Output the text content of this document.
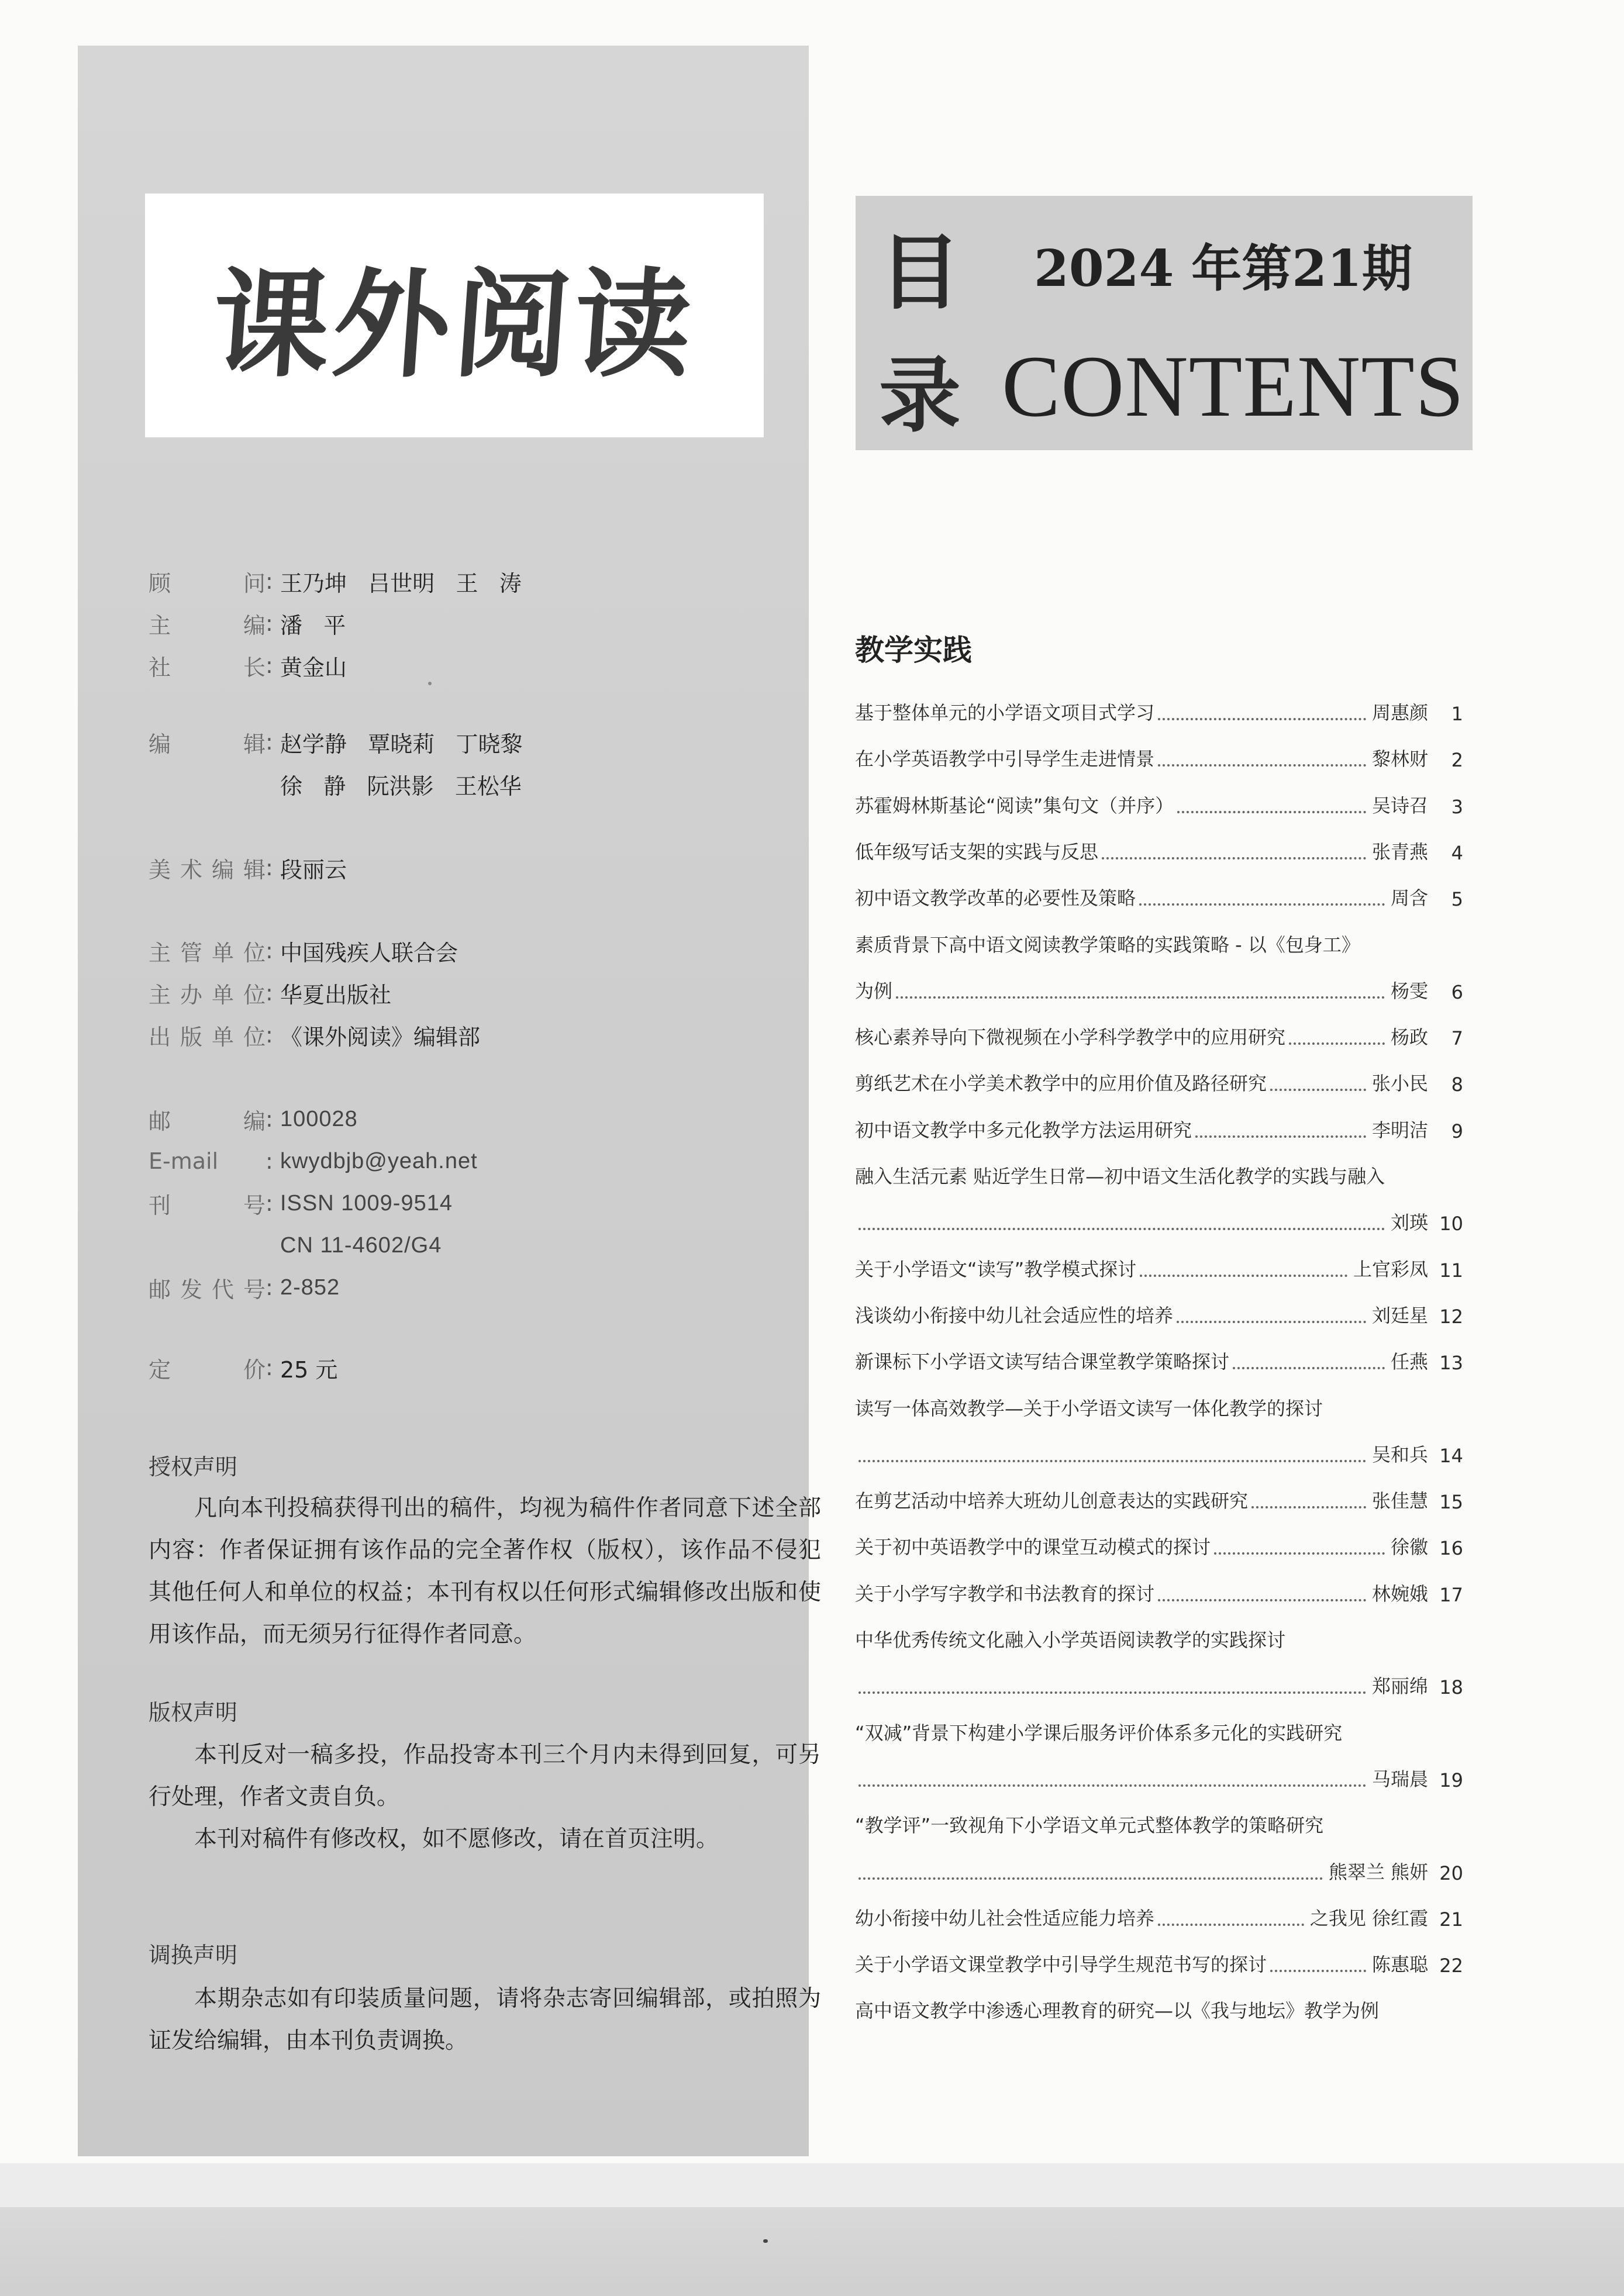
课外阅读
顾问 : 王乃坤   吕世明   王   涛
主编 : 潘   平
社长 : 黄金山
编辑 : 赵学静   覃晓莉   丁晓黎
徐   静   阮洪影   王松华
美术编辑 : 段丽云
主管单位 : 中国残疾人联合会
主办单位 : 华夏出版社
出版单位 : 《课外阅读》编辑部
邮编 : 100028
E-mail	: kwydbjb@yeah.net
刊号 : ISSN 1009-9514
CN 11-4602/G4
邮发代号 : 2-852
定价 : 25 元
授权声明
凡向本刊投稿获得刊出的稿件，均视为稿件作者同意下述全部内容：作者保证拥有该作品的完全著作权（版权），该作品不侵犯其他任何人和单位的权益；本刊有权以任何形式编辑修改出版和使用该作品，而无须另行征得作者同意。
版权声明
本刊反对一稿多投，作品投寄本刊三个月内未得到回复，可另行处理，作者文责自负。
本刊对稿件有修改权，如不愿修改，请在首页注明。
调换声明
本期杂志如有印装质量问题，请将杂志寄回编辑部，或拍照为证发给编辑，由本刊负责调换。
目
录
2024 年第21期
CONTENTS
教学实践
基于整体单元的小学语文项目式学习	周惠颜	1
在小学英语教学中引导学生走进情景	黎林财	2
苏霍姆林斯基论“阅读”集句文（并序）	吴诗召	3
低年级写话支架的实践与反思	张青燕	4
初中语文教学改革的必要性及策略	周含	5
素质背景下高中语文阅读教学策略的实践策略 - 以《包身工》
为例	杨雯	6
核心素养导向下微视频在小学科学教学中的应用研究	杨政	7
剪纸艺术在小学美术教学中的应用价值及路径研究	张小民	8
初中语文教学中多元化教学方法运用研究	李明洁	9
融入生活元素 贴近学生日常—初中语文生活化教学的实践与融入
刘瑛 10
关于小学语文“读写”教学模式探讨	上官彩凤 11
浅谈幼小衔接中幼儿社会适应性的培养	刘廷星 12
新课标下小学语文读写结合课堂教学策略探讨	任燕 13
读写一体高效教学—关于小学语文读写一体化教学的探讨
吴和兵 14
在剪艺活动中培养大班幼儿创意表达的实践研究	张佳慧 15
关于初中英语教学中的课堂互动模式的探讨	徐徽 16
关于小学写字教学和书法教育的探讨	林婉娥 17
中华优秀传统文化融入小学英语阅读教学的实践探讨
郑丽绵 18
“双减”背景下构建小学课后服务评价体系多元化的实践研究
马瑞晨 19
“教学评”一致视角下小学语文单元式整体教学的策略研究
熊翠兰 熊妍 20
幼小衔接中幼儿社会性适应能力培养	之我见 徐红霞 21
关于小学语文课堂教学中引导学生规范书写的探讨	陈惠聪 22
高中语文教学中渗透心理教育的研究—以《我与地坛》教学为例
